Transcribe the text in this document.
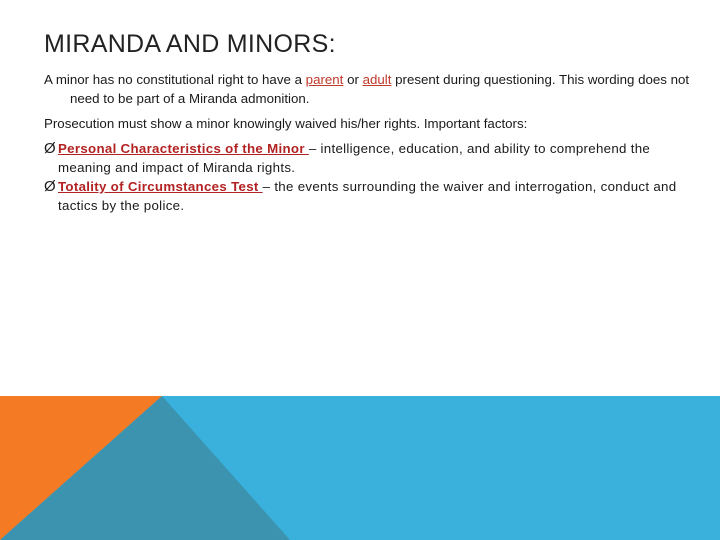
MIRANDA AND MINORS:

A minor has no constitutional right to have a parent or adult present during questioning. This wording does not need to be part of a Miranda admonition.

Prosecution must show a minor knowingly waived his/her rights. Important factors:

Ø Personal Characteristics of the Minor – intelligence, education, and ability to comprehend the meaning and impact of Miranda rights.

Ø Totality of Circumstances Test – the events surrounding the waiver and interrogation, conduct and tactics by the police.
